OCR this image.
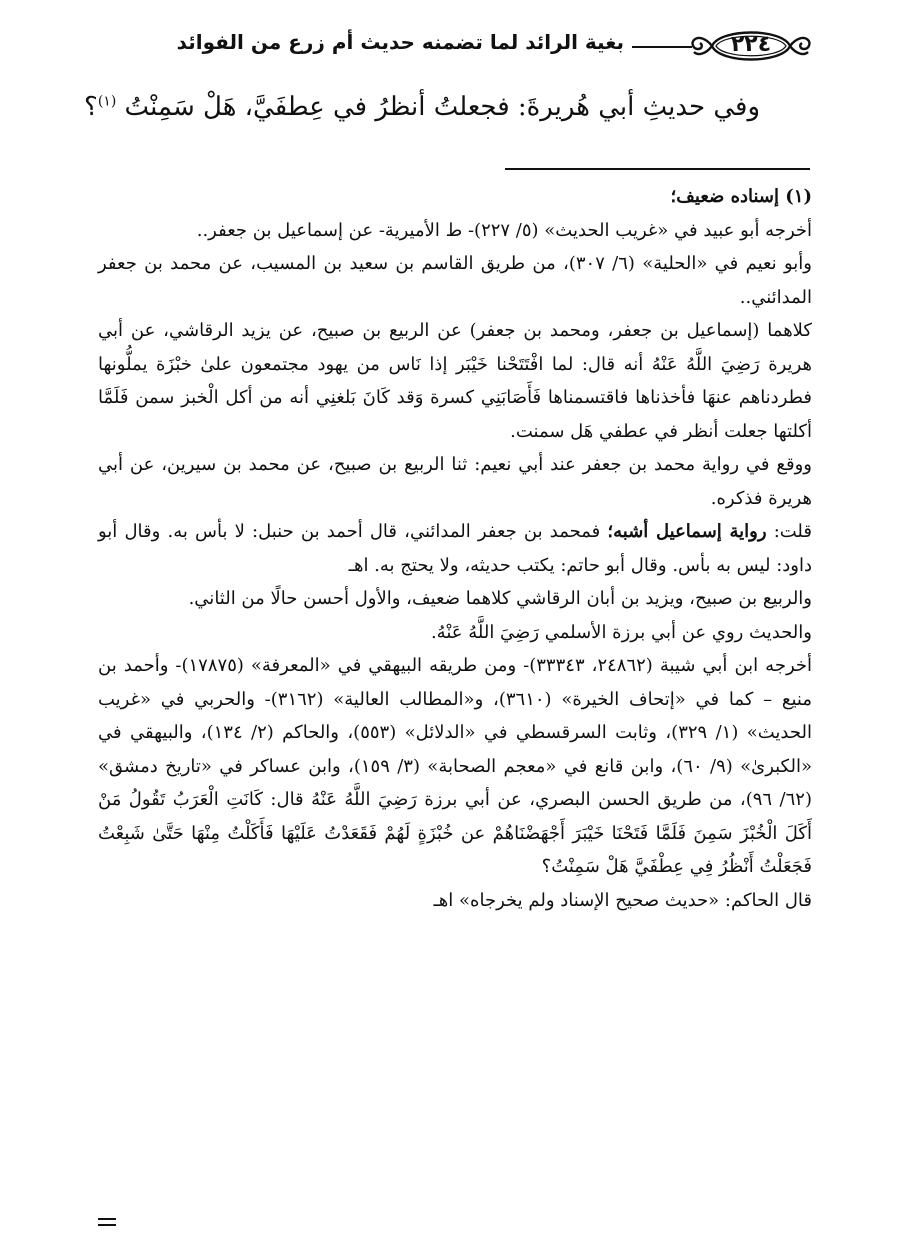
٢٢٤
بغية الرائد لما تضمنه حديث أم زرع من الفوائد
وفي حديثِ أبي هُريرةَ: فجعلتُ أنظرُ في عِطفَيَّ، هَلْ سَمِنْتُ $^{(١)}$؟

(١) إسناده ضعيف؛

أخرجه أبو عبيد في «غريب الحديث» (٥/ ٢٢٧)- ط الأميرية- عن إسماعيل بن جعفر..

وأبو نعيم في «الحلية» (٦/ ٣٠٧)، من طريق القاسم بن سعيد بن المسيب، عن محمد بن جعفر المدائني..

كلاهما (إسماعيل بن جعفر، ومحمد بن جعفر) عن الربيع بن صبيح، عن يزيد الرقاشي، عن أبي هريرة رَضِيَ اللَّهُ عَنْهُ أنه قال: لما افْتَتَحْنا خَيْبَر إذا نَاس من يهود مجتمعون علىٰ خبْزَة يملُّونها فطردناهم عنهَا فأخذناها فاقتسمناها فَأَصَابَنِي كسرة وَقد كَانَ بَلغنِي أنه من أكل الْخبز سمن فَلَمَّا أكلتها جعلت أنظر في عطفي هَل سمنت.

ووقع في رواية محمد بن جعفر عند أبي نعيم: ثنا الربيع بن صبيح، عن محمد بن سيرين، عن أبي هريرة فذكره.

قلت: رواية إسماعيل أشبه؛ فمحمد بن جعفر المدائني، قال أحمد بن حنبل: لا بأس به. وقال أبو داود: ليس به بأس. وقال أبو حاتم: يكتب حديثه، ولا يحتج به. اهـ

والربيع بن صبيح، ويزيد بن أبان الرقاشي كلاهما ضعيف، والأول أحسن حالًا من الثاني.

والحديث روي عن أبي برزة الأسلمي رَضِيَ اللَّهُ عَنْهُ.

أخرجه ابن أبي شيبة (٢٤٨٦٢، ٣٣٣٤٣)- ومن طريقه البيهقي في «المعرفة» (١٧٨٧٥)- وأحمد بن منيع – كما في «إتحاف الخيرة» (٣٦١٠)، و«المطالب العالية» (٣١٦٢)- والحربي في «غريب الحديث» (١/ ٣٢٩)، وثابت السرقسطي في «الدلائل» (٥٥٣)، والحاكم (٢/ ١٣٤)، والبيهقي في «الكبرىٰ» (٩/ ٦٠)، وابن قانع في «معجم الصحابة» (٣/ ١٥٩)، وابن عساكر في «تاريخ دمشق» (٦٢/ ٩٦)، من طريق الحسن البصري، عن أبي برزة رَضِيَ اللَّهُ عَنْهُ قال: كَانَتِ الْعَرَبُ تَقُولُ مَنْ أَكَلَ الْخُبْزَ سَمِنَ فَلَمَّا فَتَحْنَا خَيْبَرَ أَجْهَضْنَاهُمْ عن خُبْزَةٍ لَهُمْ فَقَعَدْتُ عَلَيْهَا فَأَكَلْتُ مِنْهَا حَتَّىٰ شَبِعْتُ فَجَعَلْتُ أَنْظُرُ فِي عِطْفَيَّ هَلْ سَمِنْتُ؟

قال الحاكم: «حديث صحيح الإسناد ولم يخرجاه» اهـ
